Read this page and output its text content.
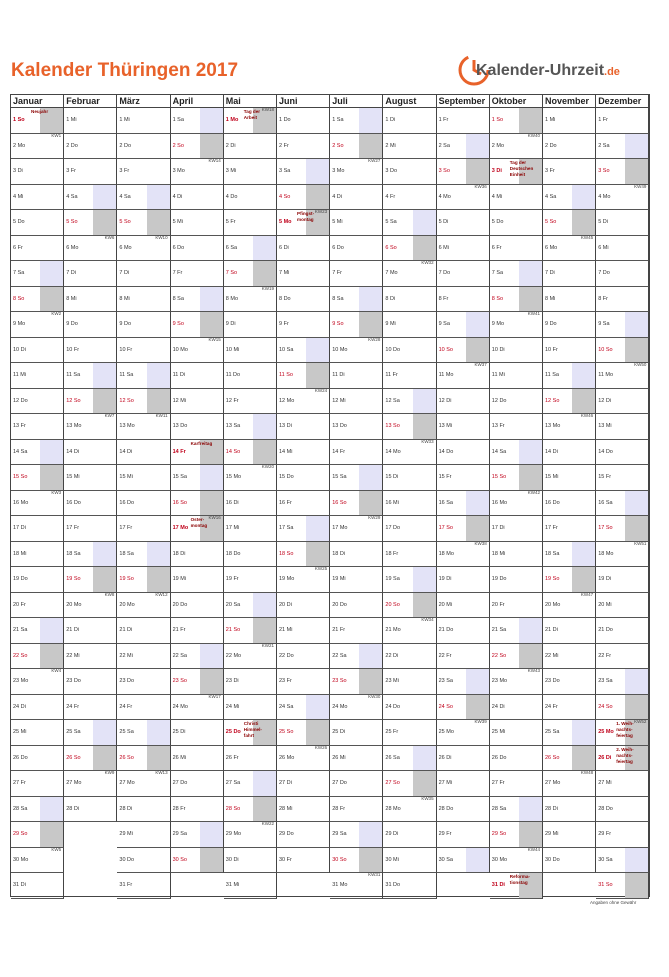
Kalender Thüringen 2017	Kalender-Uhrzeit.de
Januar
1 So
Neujahr
2 Mo
KW1
3 Di
4 Mi
5 Do
6 Fr
7 Sa
8 So
9 Mo
KW2
10 Di
11 Mi
12 Do
13 Fr
14 Sa
15 So
16 Mo
KW3
17 Di
18 Mi
19 Do
20 Fr
21 Sa
22 So
23 Mo
KW4
24 Di
25 Mi
26 Do
27 Fr
28 Sa
29 So
30 Mo
KW5
31 Di
Februar
1 Mi
2 Do
3 Fr
4 Sa
5 So
6 Mo
KW6
7 Di
8 Mi
9 Do
10 Fr
11 Sa
12 So
13 Mo
KW7
14 Di
15 Mi
16 Do
17 Fr
18 Sa
19 So
20 Mo
KW8
21 Di
22 Mi
23 Do
24 Fr
25 Sa
26 So
27 Mo
KW9
28 Di
März
1 Mi
2 Do
3 Fr
4 Sa
5 So
6 Mo
KW10
7 Di
8 Mi
9 Do
10 Fr
11 Sa
12 So
13 Mo
KW11
14 Di
15 Mi
16 Do
17 Fr
18 Sa
19 So
20 Mo
KW12
21 Di
22 Mi
23 Do
24 Fr
25 Sa
26 So
27 Mo
KW13
28 Di
29 Mi
30 Do
31 Fr
April
1 Sa
2 So
3 Mo
KW14
4 Di
5 Mi
6 Do
7 Fr
8 Sa
9 So
10 Mo
KW15
11 Di
12 Mi
13 Do
14 Fr
Karfreitag
15 Sa
16 So
17 Mo
Oster-montag
KW16
18 Di
19 Mi
20 Do
21 Fr
22 Sa
23 So
24 Mo
KW17
25 Di
26 Mi
27 Do
28 Fr
29 Sa
30 So
Mai
1 Mo
Tag der Arbeit
KW18
2 Di
3 Mi
4 Do
5 Fr
6 Sa
7 So
8 Mo
KW19
9 Di
10 Mi
11 Do
12 Fr
13 Sa
14 So
15 Mo
KW20
16 Di
17 Mi
18 Do
19 Fr
20 Sa
21 So
22 Mo
KW21
23 Di
24 Mi
25 Do
Christi Himmel-fahrt
26 Fr
27 Sa
28 So
29 Mo
KW22
30 Di
31 Mi
Juni
1 Do
2 Fr
3 Sa
4 So
5 Mo
Pfingst-montag
KW23
6 Di
7 Mi
8 Do
9 Fr
10 Sa
11 So
12 Mo
KW24
13 Di
14 Mi
15 Do
16 Fr
17 Sa
18 So
19 Mo
KW25
20 Di
21 Mi
22 Do
23 Fr
24 Sa
25 So
26 Mo
KW26
27 Di
28 Mi
29 Do
30 Fr
Juli
1 Sa
2 So
3 Mo
KW27
4 Di
5 Mi
6 Do
7 Fr
8 Sa
9 So
10 Mo
KW28
11 Di
12 Mi
13 Do
14 Fr
15 Sa
16 So
17 Mo
KW29
18 Di
19 Mi
20 Do
21 Fr
22 Sa
23 So
24 Mo
KW30
25 Di
26 Mi
27 Do
28 Fr
29 Sa
30 So
31 Mo
KW31
August
1 Di
2 Mi
3 Do
4 Fr
5 Sa
6 So
7 Mo
KW32
8 Di
9 Mi
10 Do
11 Fr
12 Sa
13 So
14 Mo
KW33
15 Di
16 Mi
17 Do
18 Fr
19 Sa
20 So
21 Mo
KW34
22 Di
23 Mi
24 Do
25 Fr
26 Sa
27 So
28 Mo
KW35
29 Di
30 Mi
31 Do
September
1 Fr
2 Sa
3 So
4 Mo
KW36
5 Di
6 Mi
7 Do
8 Fr
9 Sa
10 So
11 Mo
KW37
12 Di
13 Mi
14 Do
15 Fr
16 Sa
17 So
18 Mo
KW38
19 Di
20 Mi
21 Do
22 Fr
23 Sa
24 So
25 Mo
KW39
26 Di
27 Mi
28 Do
29 Fr
30 Sa
Oktober
1 So
2 Mo
KW40
3 Di
Tag der Deutschen Einheit
4 Mi
5 Do
6 Fr
7 Sa
8 So
9 Mo
KW41
10 Di
11 Mi
12 Do
13 Fr
14 Sa
15 So
16 Mo
KW42
17 Di
18 Mi
19 Do
20 Fr
21 Sa
22 So
23 Mo
KW43
24 Di
25 Mi
26 Do
27 Fr
28 Sa
29 So
30 Mo
KW44
31 Di
Reforma-tionstag
November
1 Mi
2 Do
3 Fr
4 Sa
5 So
6 Mo
KW45
7 Di
8 Mi
9 Do
10 Fr
11 Sa
12 So
13 Mo
KW46
14 Di
15 Mi
16 Do
17 Fr
18 Sa
19 So
20 Mo
KW47
21 Di
22 Mi
23 Do
24 Fr
25 Sa
26 So
27 Mo
KW48
28 Di
29 Mi
30 Do
Dezember
1 Fr
2 Sa
3 So
4 Mo
KW49
5 Di
6 Mi
7 Do
8 Fr
9 Sa
10 So
11 Mo
KW50
12 Di
13 Mi
14 Do
15 Fr
16 Sa
17 So
18 Mo
KW51
19 Di
20 Mi
21 Do
22 Fr
23 Sa
24 So
25 Mo
1. Weih-nachts-feiertag
KW52
26 Di
2. Weih-nachts-feiertag
27 Mi
28 Do
29 Fr
30 Sa
31 So
Angaben ohne Gewähr
